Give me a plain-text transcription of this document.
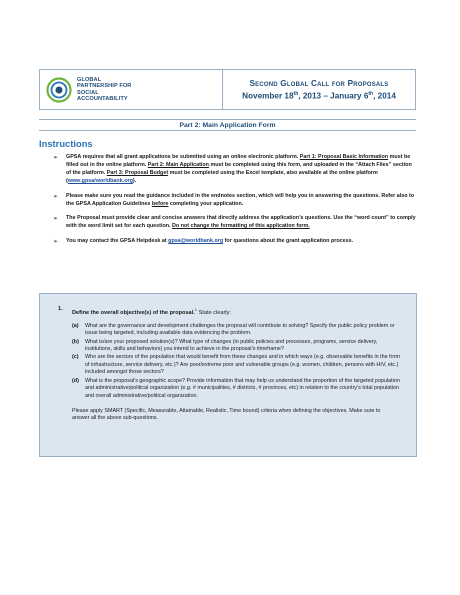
GLOBAL
PARTNERSHIP FOR
SOCIAL
ACCOUNTABILITY
Second Global Call for Proposals
November 18th, 2013 – January 6th, 2014
Part 2: Main Application Form
Instructions
➢	GPSA requires that all grant applications be submitted using an online electronic platform. Part 1: Proposal Basic Information must be filled out in the online platform. Part 2: Main Application must be completed using this form, and uploaded in the “Attach Files” section of the platform. Part 3: Proposal Budget must be completed using the Excel template, also available at the online platform (www.gpsa/worldbank.org).
➢	Please make sure you read the guidance included in the endnotes section, which will help you in answering the questions. Refer also to the GPSA Application Guidelines before completing your application.
➢	The Proposal must provide clear and concise answers that directly address the application’s questions. Use the “word count” to comply with the word limit set for each question. Do not change the formatting of this application form.
➢	You may contact the GPSA Helpdesk at gpsa@worldbank.org for questions about the grant application process.
1.
Define the overall objective(s) of the proposal.$^1$ State clearly:
(a)	What are the governance and development challenges the proposal will contribute to solving? Specify the public policy problem or issue being targeted, including available data evidencing the problem.
(b)	What is/are your proposed solution(s)? What type of changes (in public policies and processes, programs, service delivery, institutions, skills and behaviors) you intend to achieve in the proposal’s timeframe?
(c)	Who are the sectors of the population that would benefit from these changes and in which ways (e.g. observable benefits in the form of infrastructure, service delivery, etc.)? Are poor/extreme poor and vulnerable groups (e.g. women, children, persons with HIV, etc.) included amongst those sectors?
(d)	What is the proposal’s geographic scope? Provide information that may help us understand the proportion of the targeted population and administrative/political organization (e.g. # municipalities, # districts, # provinces, etc) in relation to the country’s total population and overall administrative/political organization.
Please apply SMART (Specific, Measurable, Attainable, Realistic, Time bound) criteria when defining the objectives. Make sure to answer all the above sub-questions.
